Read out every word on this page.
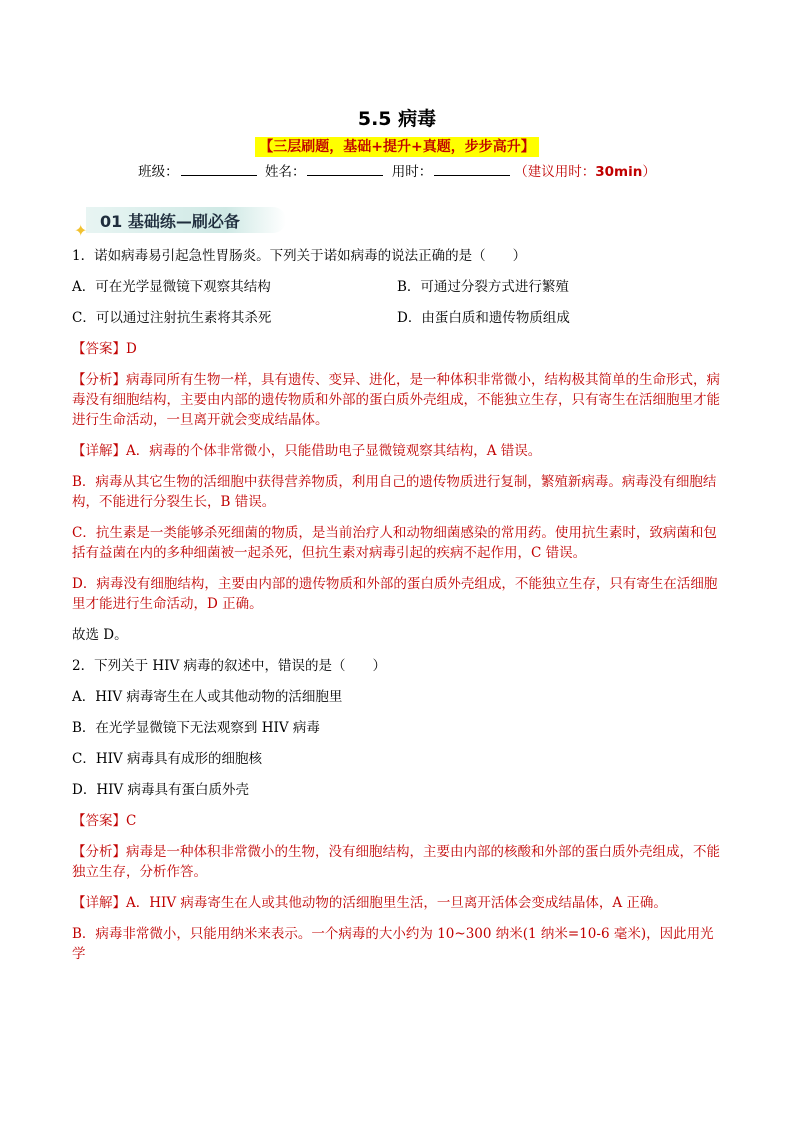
5.5 病毒
【三层刷题，基础+提升+真题，步步高升】
班级：	姓名：	用时：	（建议用时：30min）
✦ 01 基础练—刷必备

1．诺如病毒易引起急性胃肠炎。下列关于诺如病毒的说法正确的是（　　）

A．可在光学显微镜下观察其结构	B．可通过分裂方式进行繁殖
C．可以通过注射抗生素将其杀死	D．由蛋白质和遗传物质组成

【答案】D

【分析】病毒同所有生物一样，具有遗传、变异、进化，是一种体积非常微小，结构极其简单的生命形式，病毒没有细胞结构，主要由内部的遗传物质和外部的蛋白质外壳组成，不能独立生存，只有寄生在活细胞里才能进行生命活动，一旦离开就会变成结晶体。

【详解】A．病毒的个体非常微小，只能借助电子显微镜观察其结构，A 错误。

B．病毒从其它生物的活细胞中获得营养物质，利用自己的遗传物质进行复制，繁殖新病毒。病毒没有细胞结构，不能进行分裂生长，B 错误。

C．抗生素是一类能够杀死细菌的物质，是当前治疗人和动物细菌感染的常用药。使用抗生素时，致病菌和包括有益菌在内的多种细菌被一起杀死，但抗生素对病毒引起的疾病不起作用，C 错误。

D．病毒没有细胞结构，主要由内部的遗传物质和外部的蛋白质外壳组成，不能独立生存，只有寄生在活细胞里才能进行生命活动，D 正确。

故选 D。

2．下列关于 HIV 病毒的叙述中，错误的是（　　）

A．HIV 病毒寄生在人或其他动物的活细胞里

B．在光学显微镜下无法观察到 HIV 病毒

C．HIV 病毒具有成形的细胞核

D．HIV 病毒具有蛋白质外壳

【答案】C

【分析】病毒是一种体积非常微小的生物，没有细胞结构，主要由内部的核酸和外部的蛋白质外壳组成，不能独立生存，分析作答。

【详解】A．HIV 病毒寄生在人或其他动物的活细胞里生活，一旦离开活体会变成结晶体，A 正确。

B．病毒非常微小，只能用纳米来表示。一个病毒的大小约为 10~300 纳米(1 纳米=10-6 毫米)，因此用光学
